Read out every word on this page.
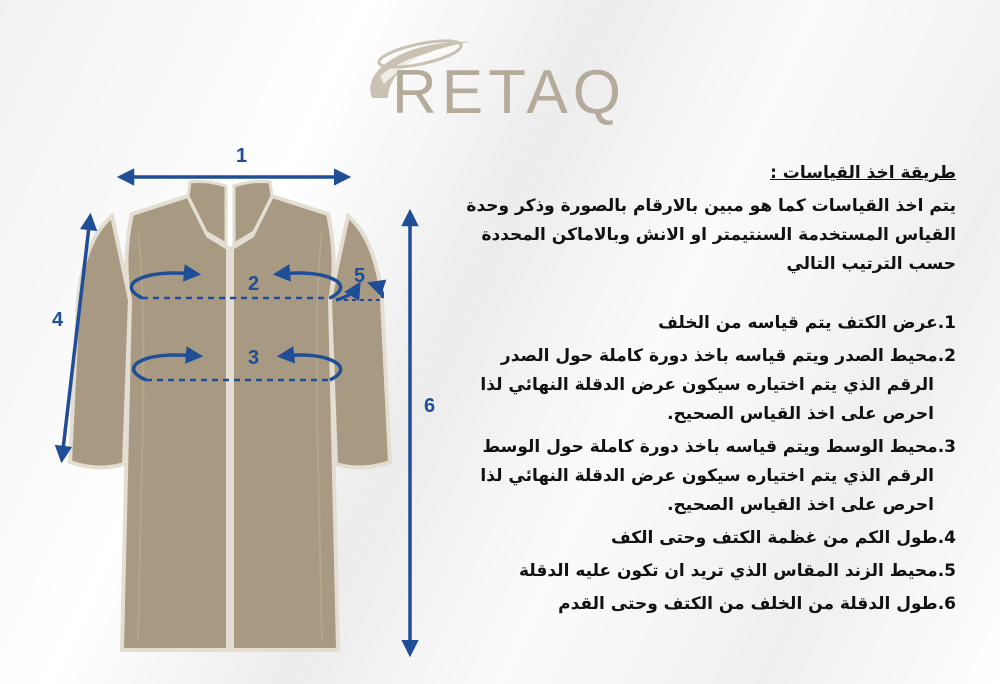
RETAQ
1
2
3
4
5
6

طريقة اخذ القياسات :

يتم اخذ القياسات كما هو مبين بالارقام بالصورة وذكر وحدة

القياس المستخدمة السنتيمتر او الانش وبالاماكن المحددة

حسب الترتيب التالي

1.عرض الكتف يتم قياسه من الخلف
2.محيط الصدر ويتم قياسه باخذ دورة كاملة حول الصدر
الرقم الذي يتم اختياره سيكون عرض الدقلة النهائي لذا
احرص على اخذ القياس الصحيح.
3.محيط الوسط ويتم قياسه باخذ دورة كاملة حول الوسط
الرقم الذي يتم اختياره سيكون عرض الدقلة النهائي لذا
احرص على اخذ القياس الصحيح.
4.طول الكم من غظمة الكتف وحتى الكف
5.محيط الزند المقاس الذي تريد ان تكون عليه الدقلة
6.طول الدقلة من الخلف من الكتف وحتى القدم
